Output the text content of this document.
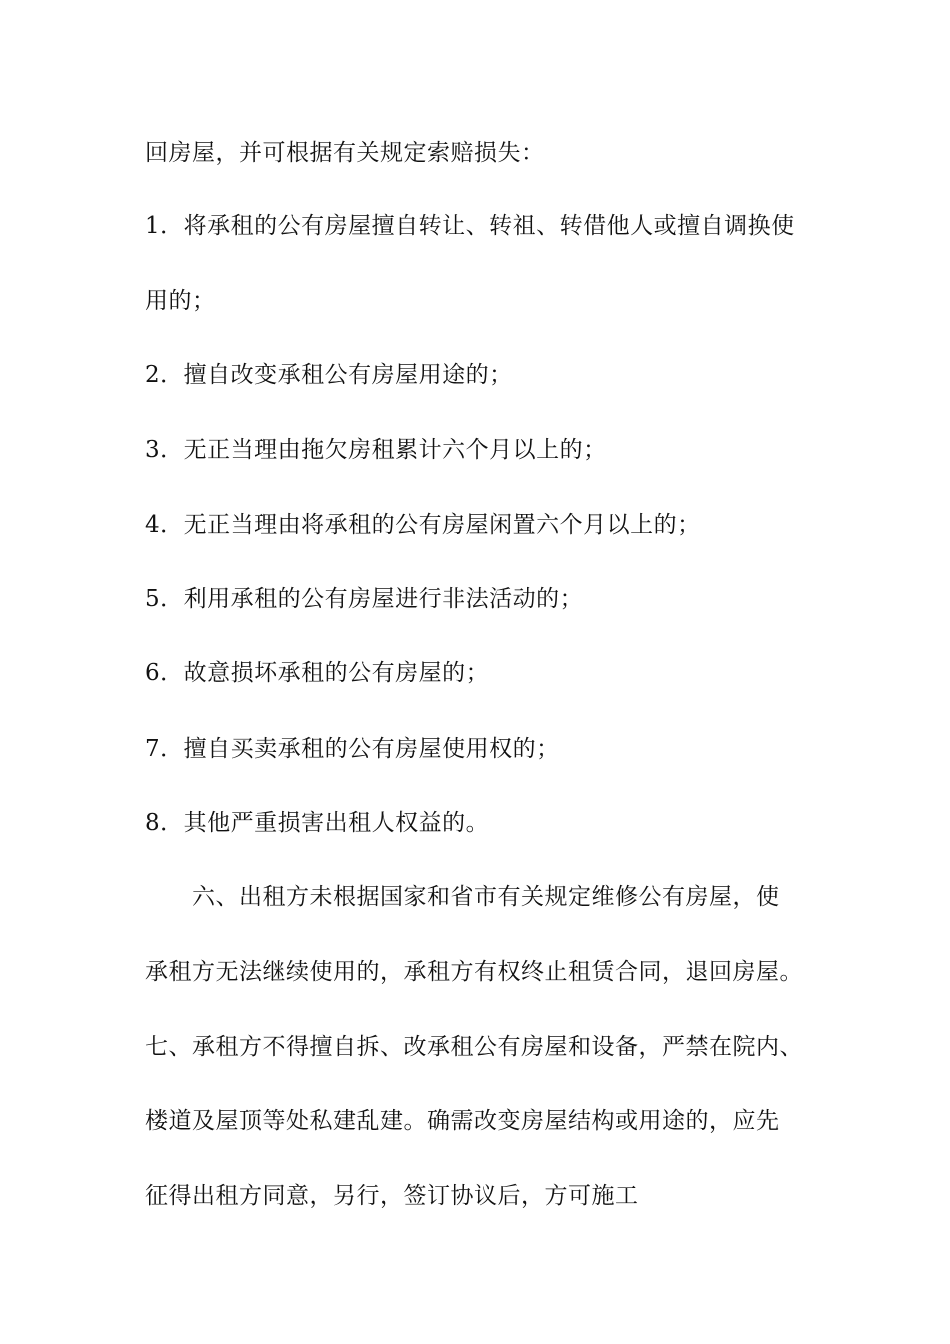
回房屋，并可根据有关规定索赔损失：
1．将承租的公有房屋擅自转让、转祖、转借他人或擅自调换使
用的；
2．擅自改变承租公有房屋用途的；
3．无正当理由拖欠房租累计六个月以上的；
4．无正当理由将承租的公有房屋闲置六个月以上的；
5．利用承租的公有房屋进行非法活动的；
6．故意损坏承租的公有房屋的；
7．擅自买卖承租的公有房屋使用权的；
8．其他严重损害出租人权益的。
六、出租方未根据国家和省市有关规定维修公有房屋，使
承租方无法继续使用的，承租方有权终止租赁合同，退回房屋。
七、承租方不得擅自拆、改承租公有房屋和设备，严禁在院内、
楼道及屋顶等处私建乱建。确需改变房屋结构或用途的，应先
征得出租方同意，另行，签订协议后，方可施工
